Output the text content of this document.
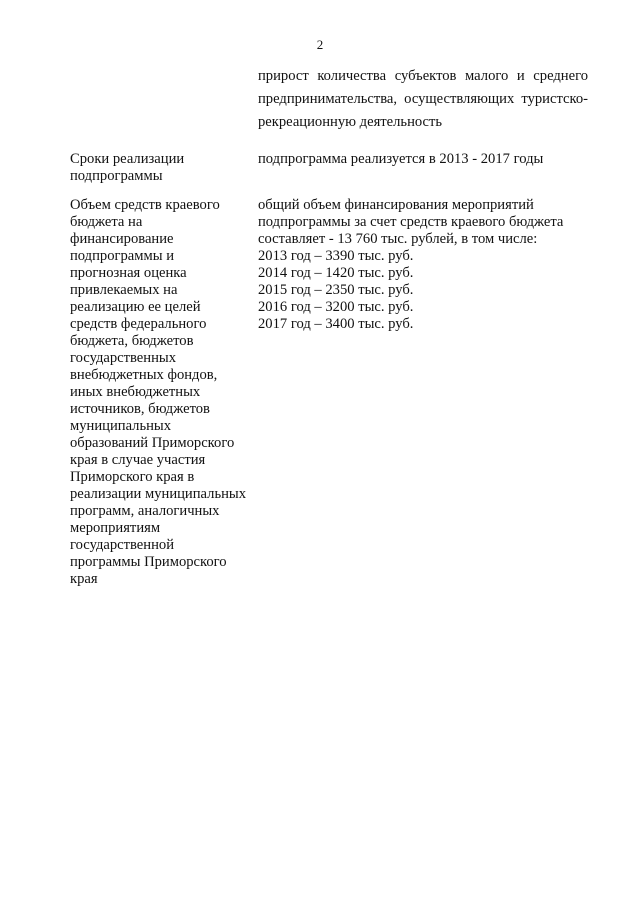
2
прирост количества субъектов малого и среднего
предпринимательства, осуществляющих туристско-
рекреационную деятельность
Сроки реализации
подпрограммы
подпрограмма реализуется в 2013 - 2017 годы
Объем средств краевого
бюджета на
финансирование
подпрограммы и
прогнозная оценка
привлекаемых на
реализацию ее целей
средств федерального
бюджета, бюджетов
государственных
внебюджетных фондов,
иных внебюджетных
источников, бюджетов
муниципальных
образований Приморского
края в случае участия
Приморского края в
реализации муниципальных
программ, аналогичных
мероприятиям
государственной
программы Приморского
края
общий объем финансирования мероприятий
подпрограммы за счет средств краевого бюджета
составляет - 13 760 тыс. рублей, в том числе:
2013 год – 3390 тыс. руб.
2014 год – 1420 тыс. руб.
2015 год – 2350 тыс. руб.
2016 год – 3200 тыс. руб.
2017 год – 3400 тыс. руб.
